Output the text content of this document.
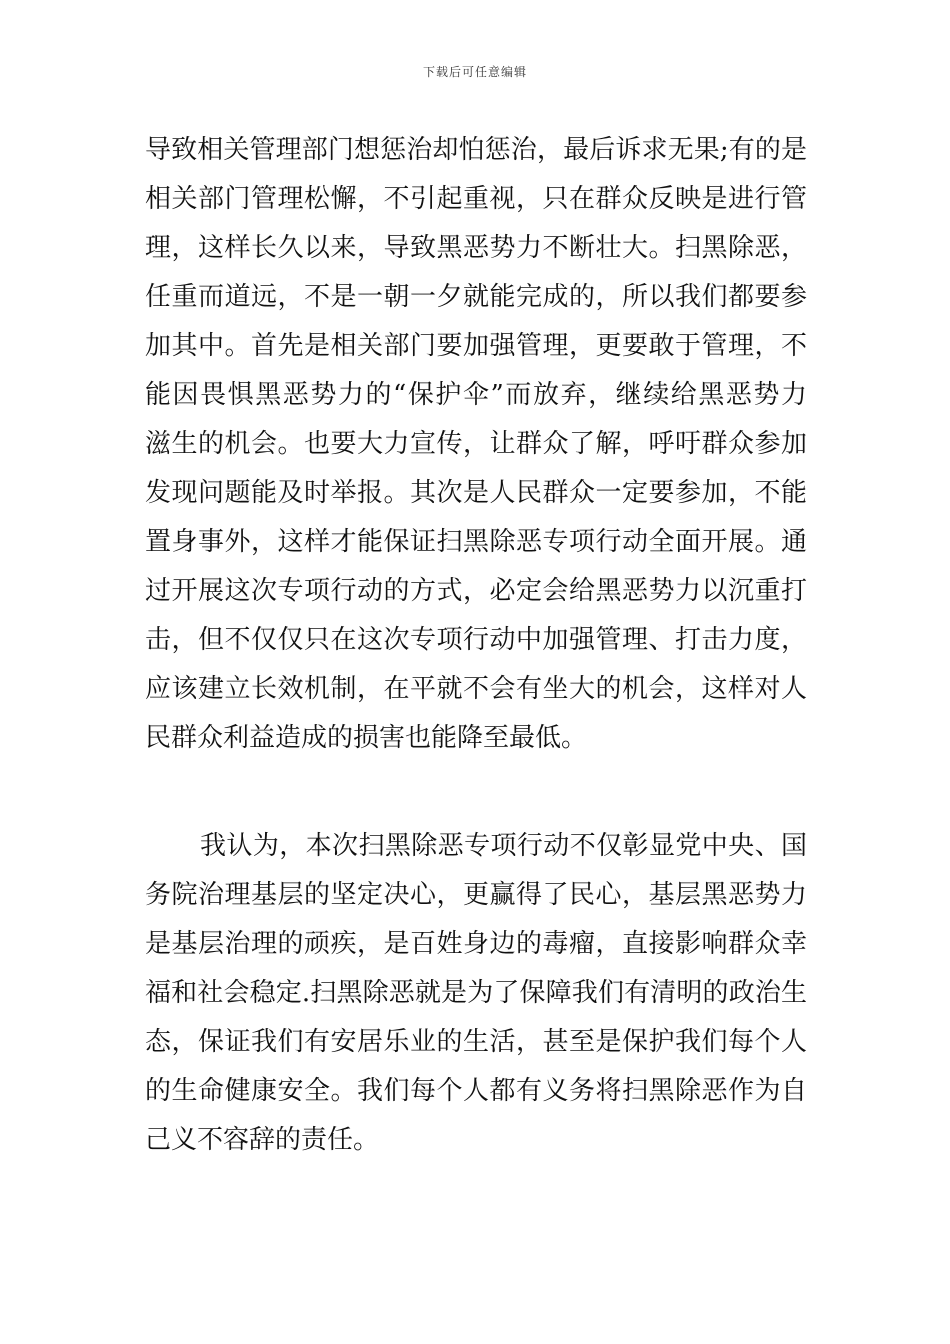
下载后可任意编辑
导致相关管理部门想惩治却怕惩治，最后诉求无果;有的是
相关部门管理松懈，不引起重视，只在群众反映是进行管
理，这样长久以来，导致黑恶势力不断壮大。扫黑除恶，
任重而道远，不是一朝一夕就能完成的，所以我们都要参
加其中。首先是相关部门要加强管理，更要敢于管理，不
能因畏惧黑恶势力的“保护伞”而放弃，继续给黑恶势力
滋生的机会。也要大力宣传，让群众了解，呼吁群众参加
发现问题能及时举报。其次是人民群众一定要参加，不能
置身事外，这样才能保证扫黑除恶专项行动全面开展。通
过开展这次专项行动的方式，必定会给黑恶势力以沉重打
击，但不仅仅只在这次专项行动中加强管理、打击力度，
应该建立长效机制，在平就不会有坐大的机会，这样对人
民群众利益造成的损害也能降至最低。
我认为，本次扫黑除恶专项行动不仅彰显党中央、国
务院治理基层的坚定决心，更赢得了民心，基层黑恶势力
是基层治理的顽疾，是百姓身边的毒瘤，直接影响群众幸
福和社会稳定.扫黑除恶就是为了保障我们有清明的政治生
态，保证我们有安居乐业的生活，甚至是保护我们每个人
的生命健康安全。我们每个人都有义务将扫黑除恶作为自
己义不容辞的责任。
